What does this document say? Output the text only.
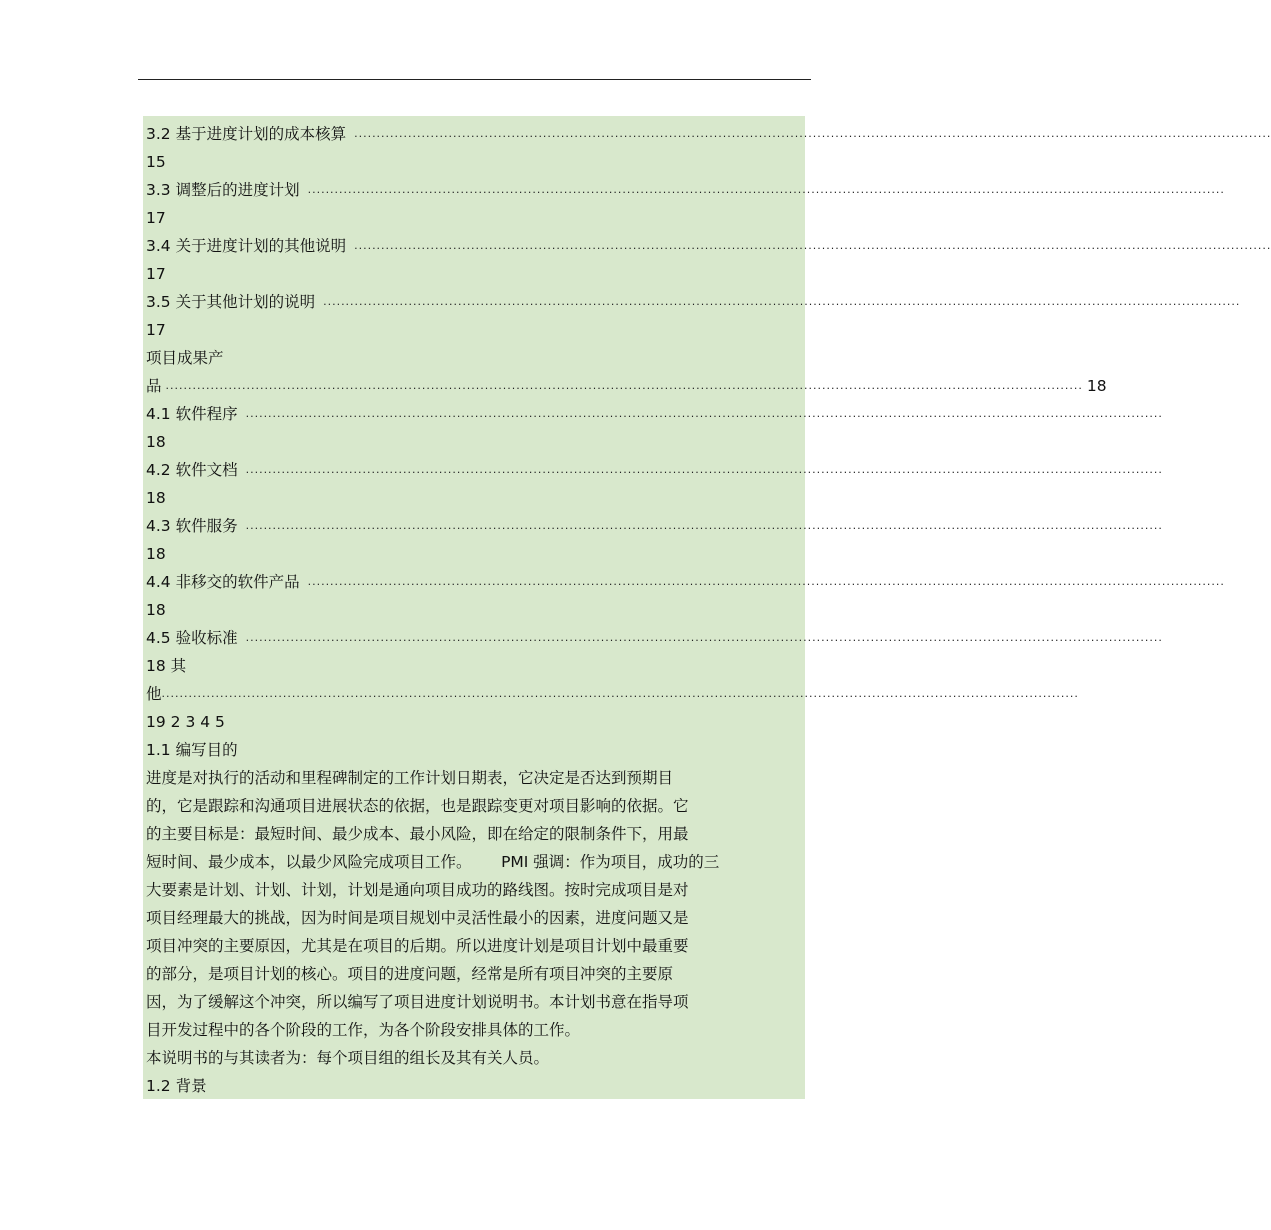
3.2 基于进度计划的成本核算 ............................................................................................................................................................................................................
15
3.3 调整后的进度计划 ............................................................................................................................................................................................................
17
3.4 关于进度计划的其他说明 ............................................................................................................................................................................................................
17
3.5 关于其他计划的说明 ............................................................................................................................................................................................................
17
项目成果产
品 ............................................................................................................................................................................................................ 18
4.1 软件程序 ............................................................................................................................................................................................................
18
4.2 软件文档 ............................................................................................................................................................................................................
18
4.3 软件服务 ............................................................................................................................................................................................................
18
4.4 非移交的软件产品 ............................................................................................................................................................................................................
18
4.5 验收标准 ............................................................................................................................................................................................................
18 其
他 ............................................................................................................................................................................................................
19 2 3 4 5
1.1 编写目的
进度是对执行的活动和里程碑制定的工作计划日期表，它决定是否达到预期目
的，它是跟踪和沟通项目进展状态的依据，也是跟踪变更对项目影响的依据。它
的主要目标是：最短时间、最少成本、最小风险，即在给定的限制条件下，用最
短时间、最少成本，以最少风险完成项目工作。      PMI 强调：作为项目，成功的三
大要素是计划、计划、计划，计划是通向项目成功的路线图。按时完成项目是对
项目经理最大的挑战，因为时间是项目规划中灵活性最小的因素，进度问题又是
项目冲突的主要原因，尤其是在项目的后期。所以进度计划是项目计划中最重要
的部分，是项目计划的核心。项目的进度问题，经常是所有项目冲突的主要原
因，为了缓解这个冲突，所以编写了项目进度计划说明书。本计划书意在指导项
目开发过程中的各个阶段的工作，为各个阶段安排具体的工作。
本说明书的与其读者为：每个项目组的组长及其有关人员。
1.2 背景
